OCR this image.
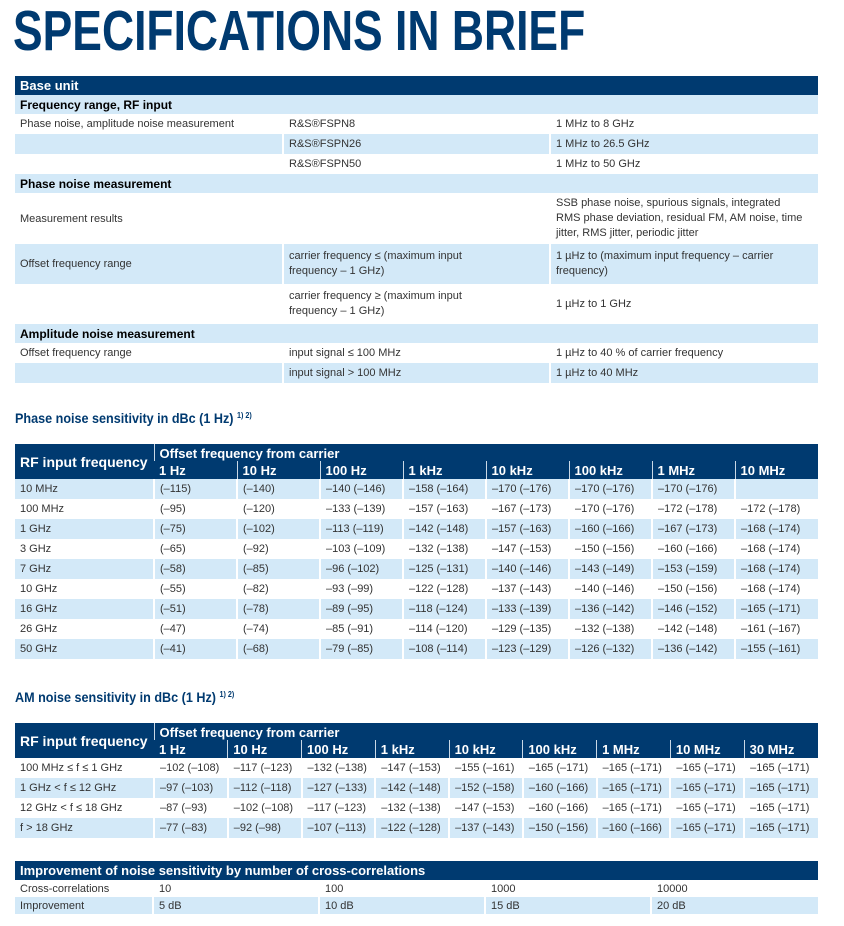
SPECIFICATIONS IN BRIEF
Base unit		
Frequency range, RF input		
Phase noise, amplitude noise measurement	R&S®FSPN8	1 MHz to 8 GHz
	R&S®FSPN26	1 MHz to 26.5 GHz
	R&S®FSPN50	1 MHz to 50 GHz
Phase noise measurement		
Measurement results		SSB phase noise, spurious signals, integrated RMS phase deviation, residual FM, AM noise, time jitter, RMS jitter, periodic jitter
Offset frequency range	carrier frequency ≤ (maximum input frequency – 1 GHz)	1 µHz to (maximum input frequency – carrier frequency)
	carrier frequency ≥ (maximum input frequency – 1 GHz)	1 µHz to 1 GHz
Amplitude noise measurement		
Offset frequency range	input signal ≤ 100 MHz	1 µHz to 40 % of carrier frequency
	input signal > 100 MHz	1 µHz to 40 MHz
Phase noise sensitivity in dBc (1 Hz) $^{1) 2)}$
RF input frequency	Offset frequency from carrier							
	1 Hz	10 Hz	100 Hz	1 kHz	10 kHz	100 kHz	1 MHz	10 MHz
10 MHz	(–115)	(–140)	–140 (–146)	–158 (–164)	–170 (–176)	–170 (–176)	–170 (–176)	
100 MHz	(–95)	(–120)	–133 (–139)	–157 (–163)	–167 (–173)	–170 (–176)	–172 (–178)	–172 (–178)
1 GHz	(–75)	(–102)	–113 (–119)	–142 (–148)	–157 (–163)	–160 (–166)	–167 (–173)	–168 (–174)
3 GHz	(–65)	(–92)	–103 (–109)	–132 (–138)	–147 (–153)	–150 (–156)	–160 (–166)	–168 (–174)
7 GHz	(–58)	(–85)	–96 (–102)	–125 (–131)	–140 (–146)	–143 (–149)	–153 (–159)	–168 (–174)
10 GHz	(–55)	(–82)	–93 (–99)	–122 (–128)	–137 (–143)	–140 (–146)	–150 (–156)	–168 (–174)
16 GHz	(–51)	(–78)	–89 (–95)	–118 (–124)	–133 (–139)	–136 (–142)	–146 (–152)	–165 (–171)
26 GHz	(–47)	(–74)	–85 (–91)	–114 (–120)	–129 (–135)	–132 (–138)	–142 (–148)	–161 (–167)
50 GHz	(–41)	(–68)	–79 (–85)	–108 (–114)	–123 (–129)	–126 (–132)	–136 (–142)	–155 (–161)
AM noise sensitivity in dBc (1 Hz) $^{1) 2)}$
RF input frequency	Offset frequency from carrier								
	1 Hz	10 Hz	100 Hz	1 kHz	10 kHz	100 kHz	1 MHz	10 MHz	30 MHz
100 MHz ≤ f ≤ 1 GHz	–102 (–108)	–117 (–123)	–132 (–138)	–147 (–153)	–155 (–161)	–165 (–171)	–165 (–171)	–165 (–171)	–165 (–171)
1 GHz < f ≤ 12 GHz	–97 (–103)	–112 (–118)	–127 (–133)	–142 (–148)	–152 (–158)	–160 (–166)	–165 (–171)	–165 (–171)	–165 (–171)
12 GHz < f ≤ 18 GHz	–87 (–93)	–102 (–108)	–117 (–123)	–132 (–138)	–147 (–153)	–160 (–166)	–165 (–171)	–165 (–171)	–165 (–171)
f > 18 GHz	–77 (–83)	–92 (–98)	–107 (–113)	–122 (–128)	–137 (–143)	–150 (–156)	–160 (–166)	–165 (–171)	–165 (–171)
Improvement of noise sensitivity by number of cross-correlations				
Cross-correlations	10	100	1000	10000
Improvement	5 dB	10 dB	15 dB	20 dB
